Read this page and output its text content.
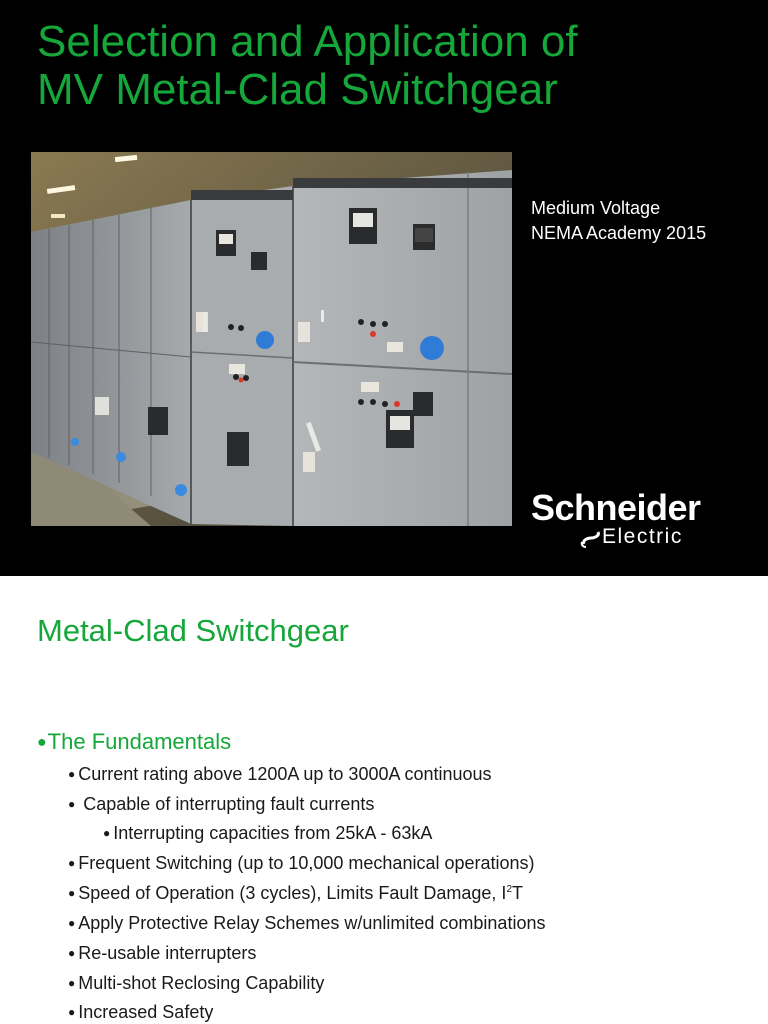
Selection and Application of
MV Metal-Clad Switchgear
Medium Voltage
NEMA Academy 2015
Schneider
Electric
Metal-Clad Switchgear
●The Fundamentals
● Current rating above 1200A up to 3000A continuous
● Capable of interrupting fault currents
● Interrupting capacities from 25kA - 63kA
● Frequent Switching (up to 10,000 mechanical operations)
● Speed of Operation (3 cycles), Limits Fault Damage, $I^2T$
● Apply Protective Relay Schemes w/unlimited combinations
● Re-usable interrupters
● Multi-shot Reclosing Capability
● Increased Safety
